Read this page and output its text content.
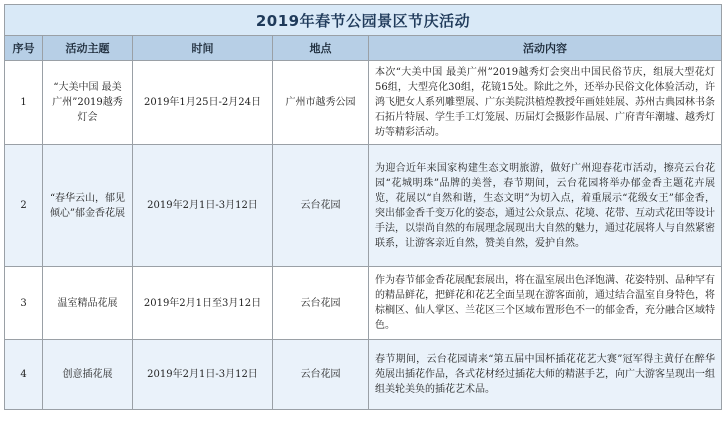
2019年春节公园景区节庆活动				
序号	活动主题	时间	地点	活动内容
1	“大美中国 最美广州”2019越秀灯会	2019年1月25日-2月24日	广州市越秀公园	本次“大美中国 最美广州”2019越秀灯会突出中国民俗节庆，组展大型花灯56组，大型亮化30组，花镜15处。除此之外，还举办民俗文化体验活动，许鸿飞肥女人系列雕塑展、广东美院洪植煌教授年画娃娃展、苏州古典园林书条石拓片特展、学生手工灯笼展、历届灯会摄影作品展、广府青年潮墟、越秀灯坊等精彩活动。
2	“春华云山，郁见倾心”郁金香花展	2019年2月1日-3月12日	云台花园	为迎合近年来国家构建生态文明旅游，做好广州迎春花市活动，擦亮云台花园“花城明珠”品牌的美誉，春节期间，云台花园将举办郁金香主题花卉展览，花展以“自然和谐，生态文明”为切入点，着重展示“花级女王”郁金香，突出郁金香千变万化的姿态，通过公众景点、花境、花带、互动式花田等设计手法，以崇尚自然的布展理念展现出大自然的魅力，通过花展将人与自然紧密联系，让游客亲近自然，赞美自然，爱护自然。
3	温室精品花展	2019年2月1日至3月12日	云台花园	作为春节郁金香花展配套展出，将在温室展出色泽饱满、花姿特别、品种罕有的精品鲜花，把鲜花和花艺全面呈现在游客面前，通过结合温室自身特色，将棕榈区、仙人掌区、兰花区三个区域布置形色不一的郁金香，充分融合区域特色。
4	创意插花展	2019年2月1日-3月12日	云台花园	春节期间，云台花园请来“第五届中国杯插花花艺大赛”冠军得主黄仔在醉华苑展出插花作品，各式花材经过插花大师的精湛手艺，向广大游客呈现出一组组美轮美奂的插花艺术品。
